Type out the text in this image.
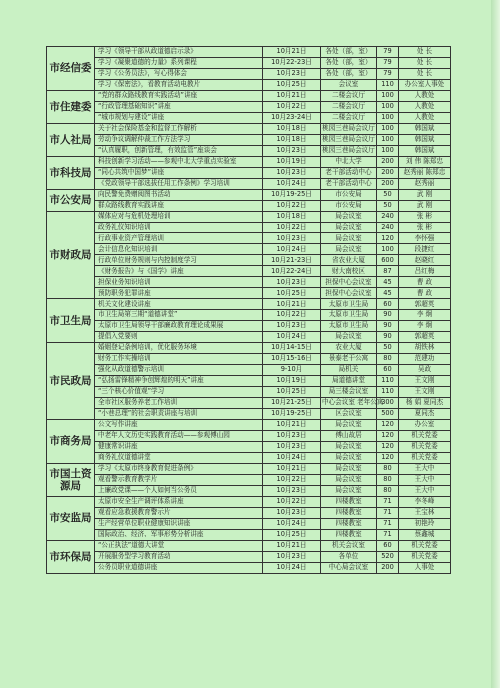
市经信委	学习《领导干部从政道德启示录》	10月21日	各处（部，室）	79	处 长
	学习《凝聚道德的力量》系列课程	10月22-23日	各处（部，室）	79	处 长
	学习《公务员法》，写心得体会	10月23日	各处（部，室）	79	处 长
	学习《保密法》，看教育活动电教片	10月25日	会议室	110	办公室人事处
市住建委	“党的群众路线教育实践活动”讲座	10月21日	二楼会议厅	100	人教处
	“行政管理基础知识”讲座	10月22日	二楼会议厅	100	人教处
	“城市规划与建设”讲座	10月23-24日	二楼会议厅	100	人教处
市人社局	关于社会保险基金和监督工作解析	10月18日	桃园三巷局会议厅	100	韩国斌
	劳动争议调解仲裁工作方法学习	10月18日	桃园三巷局会议厅	100	韩国斌
	“认真履职，创新管理，有效监管”座谈会	10月23日	桃园三巷局会议厅	100	韩国斌
市科技局	科技创新学习活动——参观中北大学重点实验室	10月19日	中北大学	200	刘 伟 陈郑忠
	“同心共筑中国梦”讲座	10月23日	老干部活动中心	200	赵秀丽 陈郑忠
	《党政领导干部选拔任用工作条例》学习培训	10月24日	老干部活动中心	200	赵秀丽
市公安局	向民警免费赠阅图书活动	10月19-25日	市公安局	50	武 刚
	群众路线教育实践讲座	10月22日	市公安局	50	武 刚
市财政局	媒体应对与危机处理培训	10月18日	局会议室	240	张 彬
	政务礼仪知识培训	10月22日	局会议室	240	张 彬
	行政事业资产管理培训	10月23日	局会议室	120	李怀强
	会计信息化知识培训	10月24日	局会议室	100	段捷红
	行政单位财务规则与内控制度学习	10月21-23日	省农业大厦	600	赵晓红
	《财务报告》与《国学》讲座	10月22-24日	财大南校区	87	吕红梅
	担保业务知识培训	10月23日	担保中心会议室	45	曹 政
	预防职务犯罪讲座	10月25日	担保中心会议室	45	曹 政
市卫生局	机关文化建设讲座	10月21日	太原市卫生局	60	郭超英
	市卫生局第三期“道德讲堂”	10月22日	太原市卫生局	90	李 炯
	太原市卫生局领导干部廉政教育理论成果展	10月23日	太原市卫生局	90	李 炯
	提倡入党要则	10月24日	局会议室	90	郭超英
市民政局	婚姻登记条例培训，优化服务环境	10月14-15日	农业大厦	50	胡铁林
	财务工作实操培训	10月15-16日	景泰老干公寓	80	范建功
	强化从政道德警示培训	9-10月	局机关	60	吴政
	“弘扬雷锋精神争创辉煌的明天”讲座	10月19日	局道德讲堂	110	王文刚
	“三个核心价值观”学习	10月25日	局三楼会议室	110	王文刚
	全市社区服务养老工作培训	10月21-25日	中心会议室 老年公寓	300	杨 娟 夏同杰
	“小巷总理”的社会职责讲座与培训	10月19-25日	区会议室	500	夏同杰
市商务局	公文写作讲座	10月21日	局会议室	120	办公室
	中老年人文历史实践教育活动——参观傅山园	10月23日	傅山故居	120	机关党委
	健康常识讲座	10月23日	局会议室	120	机关党委
	商务礼仪道德讲堂	10月24日	局会议室	120	机关党委
市国土资源局	学习《太原市终身教育促进条例》	10月21日	局会议室	80	王大中
	观看警示教育教学片	10月22日	局会议室	80	王大中
	上廉政党课——个人如何当公务员	10月23日	局会议室	80	王大中
市安监局	太原市安全生产调评体系讲座	10月22日	四楼教室	71	李冬峰
	观看应急救援教育警示片	10月23日	四楼教室	71	王宝林
	生产经营单位职业健康知识讲座	10月24日	四楼教室	71	初艳玲
	国际政治、经济、军事形势分析讲座	10月25日	四楼教室	71	蔡鑫城
市环保局	“公正执法”道德大讲堂	10月21日	机关会议室	60	机关党委
	开展服务型学习教育活动	10月23日	各单位	520	机关党委
	公务员职业道德讲座	10月24日	中心局会议室	200	人事处
